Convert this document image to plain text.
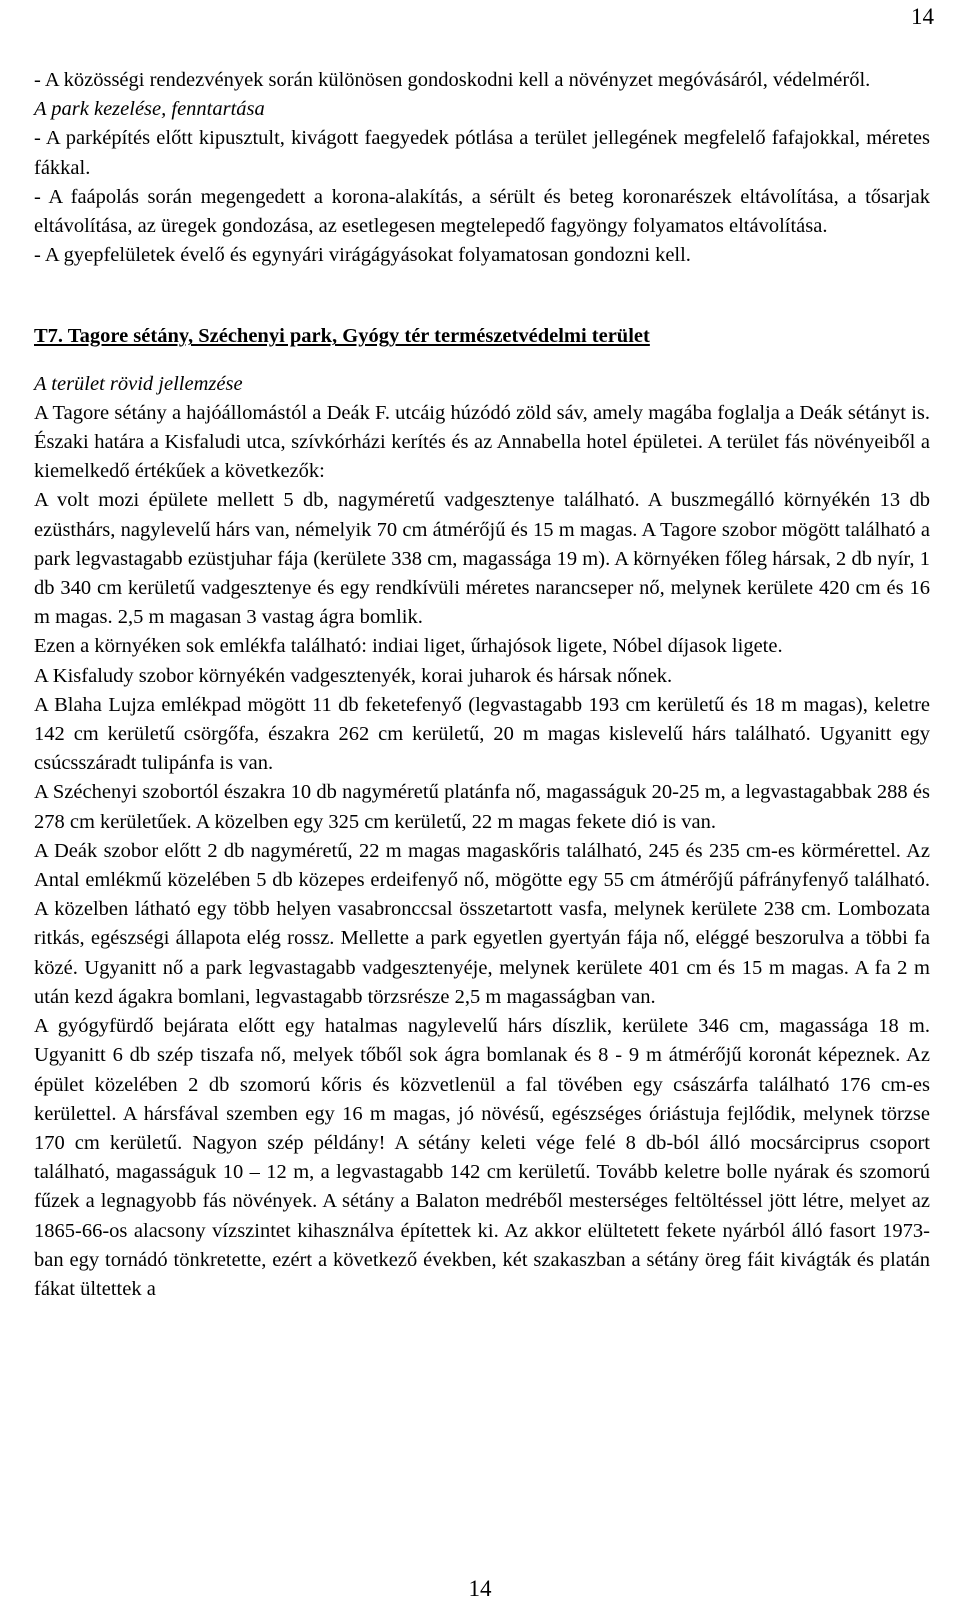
14

- A közösségi rendezvények során különösen gondoskodni kell a növényzet megóvásáról, védelméről.

A park kezelése, fenntartása

- A parképítés előtt kipusztult, kivágott faegyedek pótlása a terület jellegének megfelelő fafajokkal, méretes fákkal.

- A faápolás során megengedett a korona-alakítás, a sérült és beteg koronarészek eltávolítása, a tősarjak eltávolítása, az üregek gondozása, az esetlegesen megtelepedő fagyöngy folyamatos eltávolítása.

- A gyepfelületek évelő és egynyári virágágyásokat folyamatosan gondozni kell.

T7. Tagore sétány, Széchenyi park, Gyógy tér természetvédelmi terület

A terület rövid jellemzése

A Tagore sétány a hajóállomástól a Deák F. utcáig húzódó zöld sáv, amely magába foglalja a Deák sétányt is. Északi határa a Kisfaludi utca, szívkórházi kerítés és az Annabella hotel épületei. A terület fás növényeiből a kiemelkedő értékűek a következők:

A volt mozi épülete mellett 5 db, nagyméretű vadgesztenye található. A buszmegálló környékén 13 db ezüsthárs, nagylevelű hárs van, némelyik 70 cm átmérőjű és 15 m magas. A Tagore szobor mögött található a park legvastagabb ezüstjuhar fája (kerülete 338 cm, magassága 19 m). A környéken főleg hársak, 2 db nyír, 1 db 340 cm kerületű vadgesztenye és egy rendkívüli méretes narancseper nő, melynek kerülete 420 cm és 16 m magas. 2,5 m magasan 3 vastag ágra bomlik.

Ezen a környéken sok emlékfa található: indiai liget, űrhajósok ligete, Nóbel díjasok ligete.

A Kisfaludy szobor környékén vadgesztenyék, korai juharok és hársak nőnek.

A Blaha Lujza emlékpad mögött 11 db feketefenyő (legvastagabb 193 cm kerületű és 18 m magas), keletre 142 cm kerületű csörgőfa, északra 262 cm kerületű, 20 m magas kislevelű hárs található. Ugyanitt egy csúcsszáradt tulipánfa is van.

A Széchenyi szobortól északra 10 db nagyméretű platánfa nő, magasságuk 20-25 m, a legvastagabbak 288 és 278 cm kerületűek. A közelben egy 325 cm kerületű, 22 m magas fekete dió is van.

A Deák szobor előtt 2 db nagyméretű, 22 m magas magaskőris található, 245 és 235 cm-es körmérettel. Az Antal emlékmű közelében 5 db közepes erdeifenyő nő, mögötte egy 55 cm átmérőjű páfrányfenyő található. A közelben látható egy több helyen vasabronccsal összetartott vasfa, melynek kerülete 238 cm. Lombozata ritkás, egészségi állapota elég rossz. Mellette a park egyetlen gyertyán fája nő, eléggé beszorulva a többi fa közé. Ugyanitt nő a park legvastagabb vadgesztenyéje, melynek kerülete 401 cm és 15 m magas. A fa 2 m után kezd ágakra bomlani, legvastagabb törzsrésze 2,5 m magasságban van.

A gyógyfürdő bejárata előtt egy hatalmas nagylevelű hárs díszlik, kerülete 346 cm, magassága 18 m. Ugyanitt 6 db szép tiszafa nő, melyek tőből sok ágra bomlanak és 8 - 9 m átmérőjű koronát képeznek. Az épület közelében 2 db szomorú kőris és közvetlenül a fal tövében egy császárfa található 176 cm-es kerülettel. A hársfával szemben egy 16 m magas, jó növésű, egészséges óriástuja fejlődik, melynek törzse 170 cm kerületű. Nagyon szép példány! A sétány keleti vége felé 8 db-ból álló mocsárciprus csoport található, magasságuk 10 – 12 m, a legvastagabb 142 cm kerületű. Tovább keletre bolle nyárak és szomorú fűzek a legnagyobb fás növények. A sétány a Balaton medréből mesterséges feltöltéssel jött létre, melyet az 1865-66-os alacsony vízszintet kihasználva építettek ki. Az akkor elültetett fekete nyárból álló fasort 1973-ban egy tornádó tönkretette, ezért a következő években, két szakaszban a sétány öreg fáit kivágták és platán fákat ültettek a

14
